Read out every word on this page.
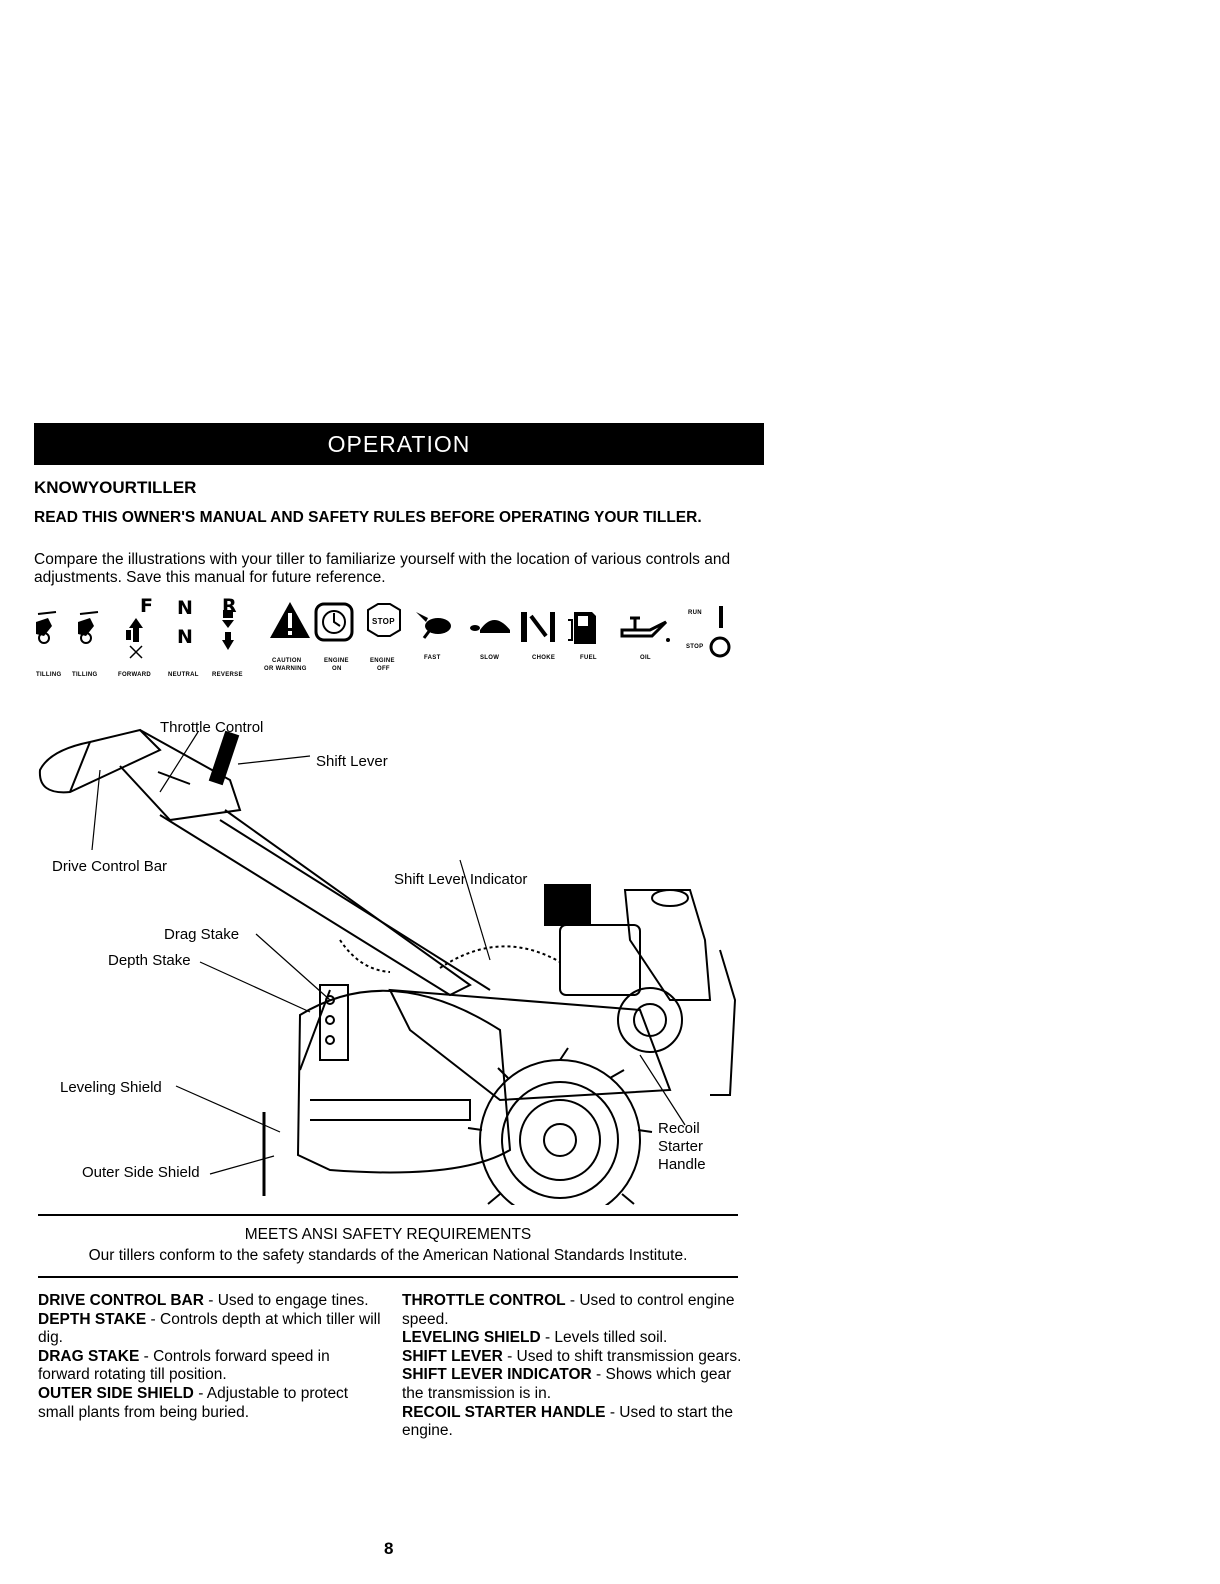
OPERATION
KNOWYOURTILLER
READ THIS OWNER'S MANUAL AND SAFETY RULES BEFORE OPERATING YOUR TILLER.
Compare the illustrations with your tiller to familiarize yourself with the location of various controls and adjustments. Save this manual for future reference.
F N R
N
STOP
TILLING TILLING	FORWARD	NEUTRAL REVERSE
CAUTION
OR WARNING
ENGINE
ON
ENGINE
OFF
FAST	SLOW	CHOKE	FUEL	OIL
RUN
STOP
Throttle Control
Shift Lever
Drive Control Bar
Shift Lever Indicator
Drag Stake
Depth Stake
Leveling Shield
Outer Side Shield
Recoil
Starter
Handle
MEETS ANSI SAFETY REQUIREMENTS
Our tillers conform to the safety standards of the American National Standards Institute.

DRIVE CONTROL BAR - Used to engage tines.

DEPTH STAKE - Controls depth at which tiller will dig.

DRAG STAKE - Controls forward speed in forward rotating till position.

OUTER SIDE SHIELD - Adjustable to protect small plants from being buried.

THROTTLE CONTROL - Used to control engine speed.

LEVELING SHIELD - Levels tilled soil.

SHIFT LEVER - Used to shift transmission gears.

SHIFT LEVER INDICATOR - Shows which gear the transmission is in.

RECOIL STARTER HANDLE - Used to start the engine.

8
